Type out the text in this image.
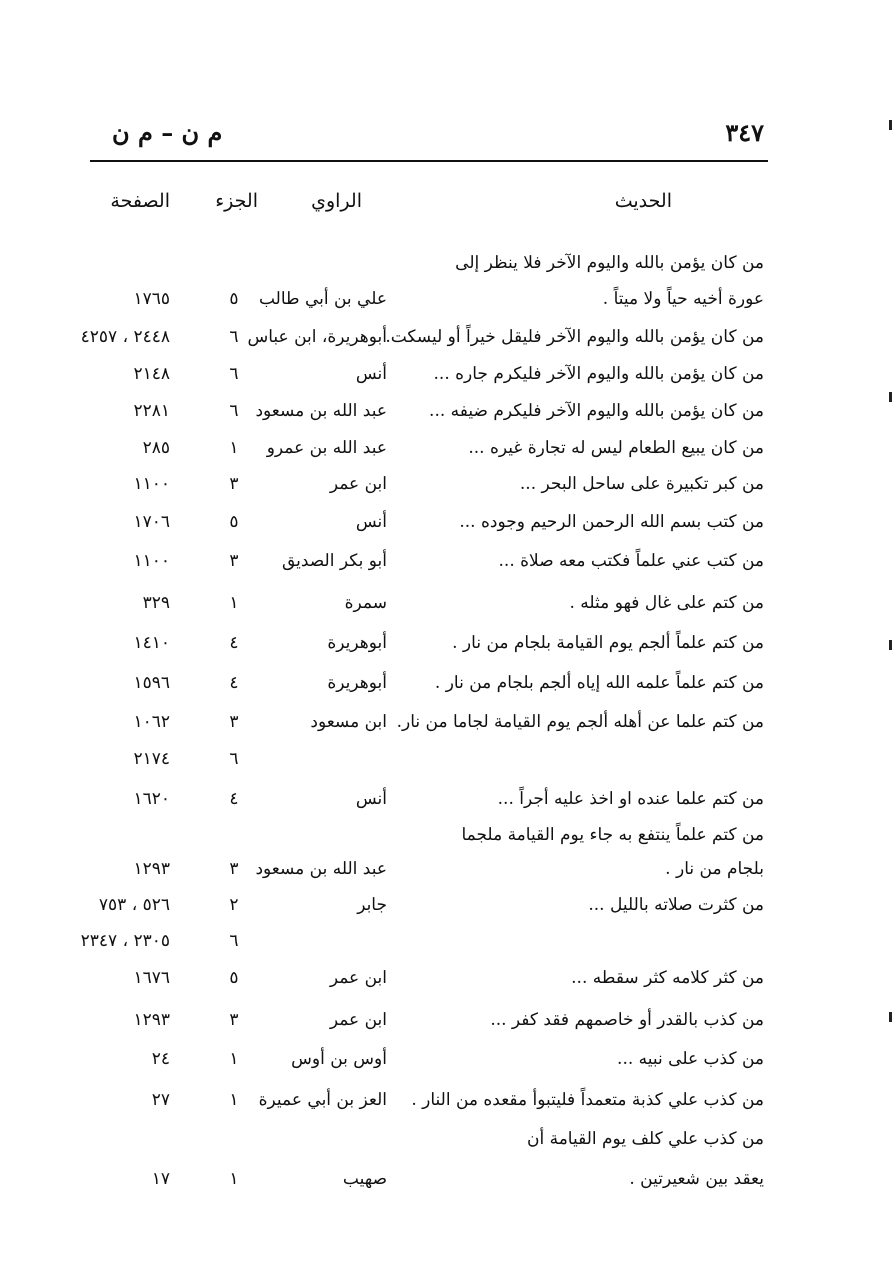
٣٤٧
م ن – م ن
الحديث
الراوي
الجزء
الصفحة
من كان يؤمن بالله واليوم الآخر فلا ينظر إلى
عورة أخيه حياً ولا ميتاً .
علي بن أبي طالب
٥
١٧٦٥
من كان يؤمن بالله واليوم الآخر فليقل خيراً أو ليسكت.
أبوهريرة، ابن عباس
٦
٢٤٤٨ ، ٤٢٥٧
من كان يؤمن بالله واليوم الآخر فليكرم جاره ...
أنس
٦
٢١٤٨
من كان يؤمن بالله واليوم الآخر فليكرم ضيفه ...
عبد الله بن مسعود
٦
٢٢٨١
من كان يبيع الطعام ليس له تجارة غيره ...
عبد الله بن عمرو
١
٢٨٥
من كبر تكبيرة على ساحل البحر ...
ابن عمر
٣
١١٠٠
من كتب بسم الله الرحمن الرحيم وجوده ...
أنس
٥
١٧٠٦
من كتب عني علماً فكتب معه صلاة ...
أبو بكر الصديق
٣
١١٠٠
من كتم على غال فهو مثله .
سمرة
١
٣٢٩
من كتم علماً ألجم يوم القيامة بلجام من نار .
أبوهريرة
٤
١٤١٠
من كتم علماً علمه الله إياه ألجم بلجام من نار .
أبوهريرة
٤
١٥٩٦
من كتم علما عن أهله ألجم يوم القيامة لجاما من نار.
ابن مسعود
٣
١٠٦٢
٦
٢١٧٤
من كتم علما عنده او اخذ عليه أجراً ...
أنس
٤
١٦٢٠
من كتم علماً ينتفع به جاء يوم القيامة ملجما
بلجام من نار .
عبد الله بن مسعود
٣
١٢٩٣
من كثرت صلاته بالليل ...
جابر
٢
٥٢٦ ، ٧٥٣
٦
٢٣٠٥ ، ٢٣٤٧
من كثر كلامه كثر سقطه ...
ابن عمر
٥
١٦٧٦
من كذب بالقدر أو خاصمهم فقد كفر ...
ابن عمر
٣
١٢٩٣
من كذب على نبيه ...
أوس بن أوس
١
٢٤
من كذب علي كذبة متعمداً فليتبوأ مقعده من النار .
العز بن أبي عميرة
١
٢٧
من كذب علي كلف يوم القيامة أن
يعقد بين شعيرتين .
صهيب
١
١٧
